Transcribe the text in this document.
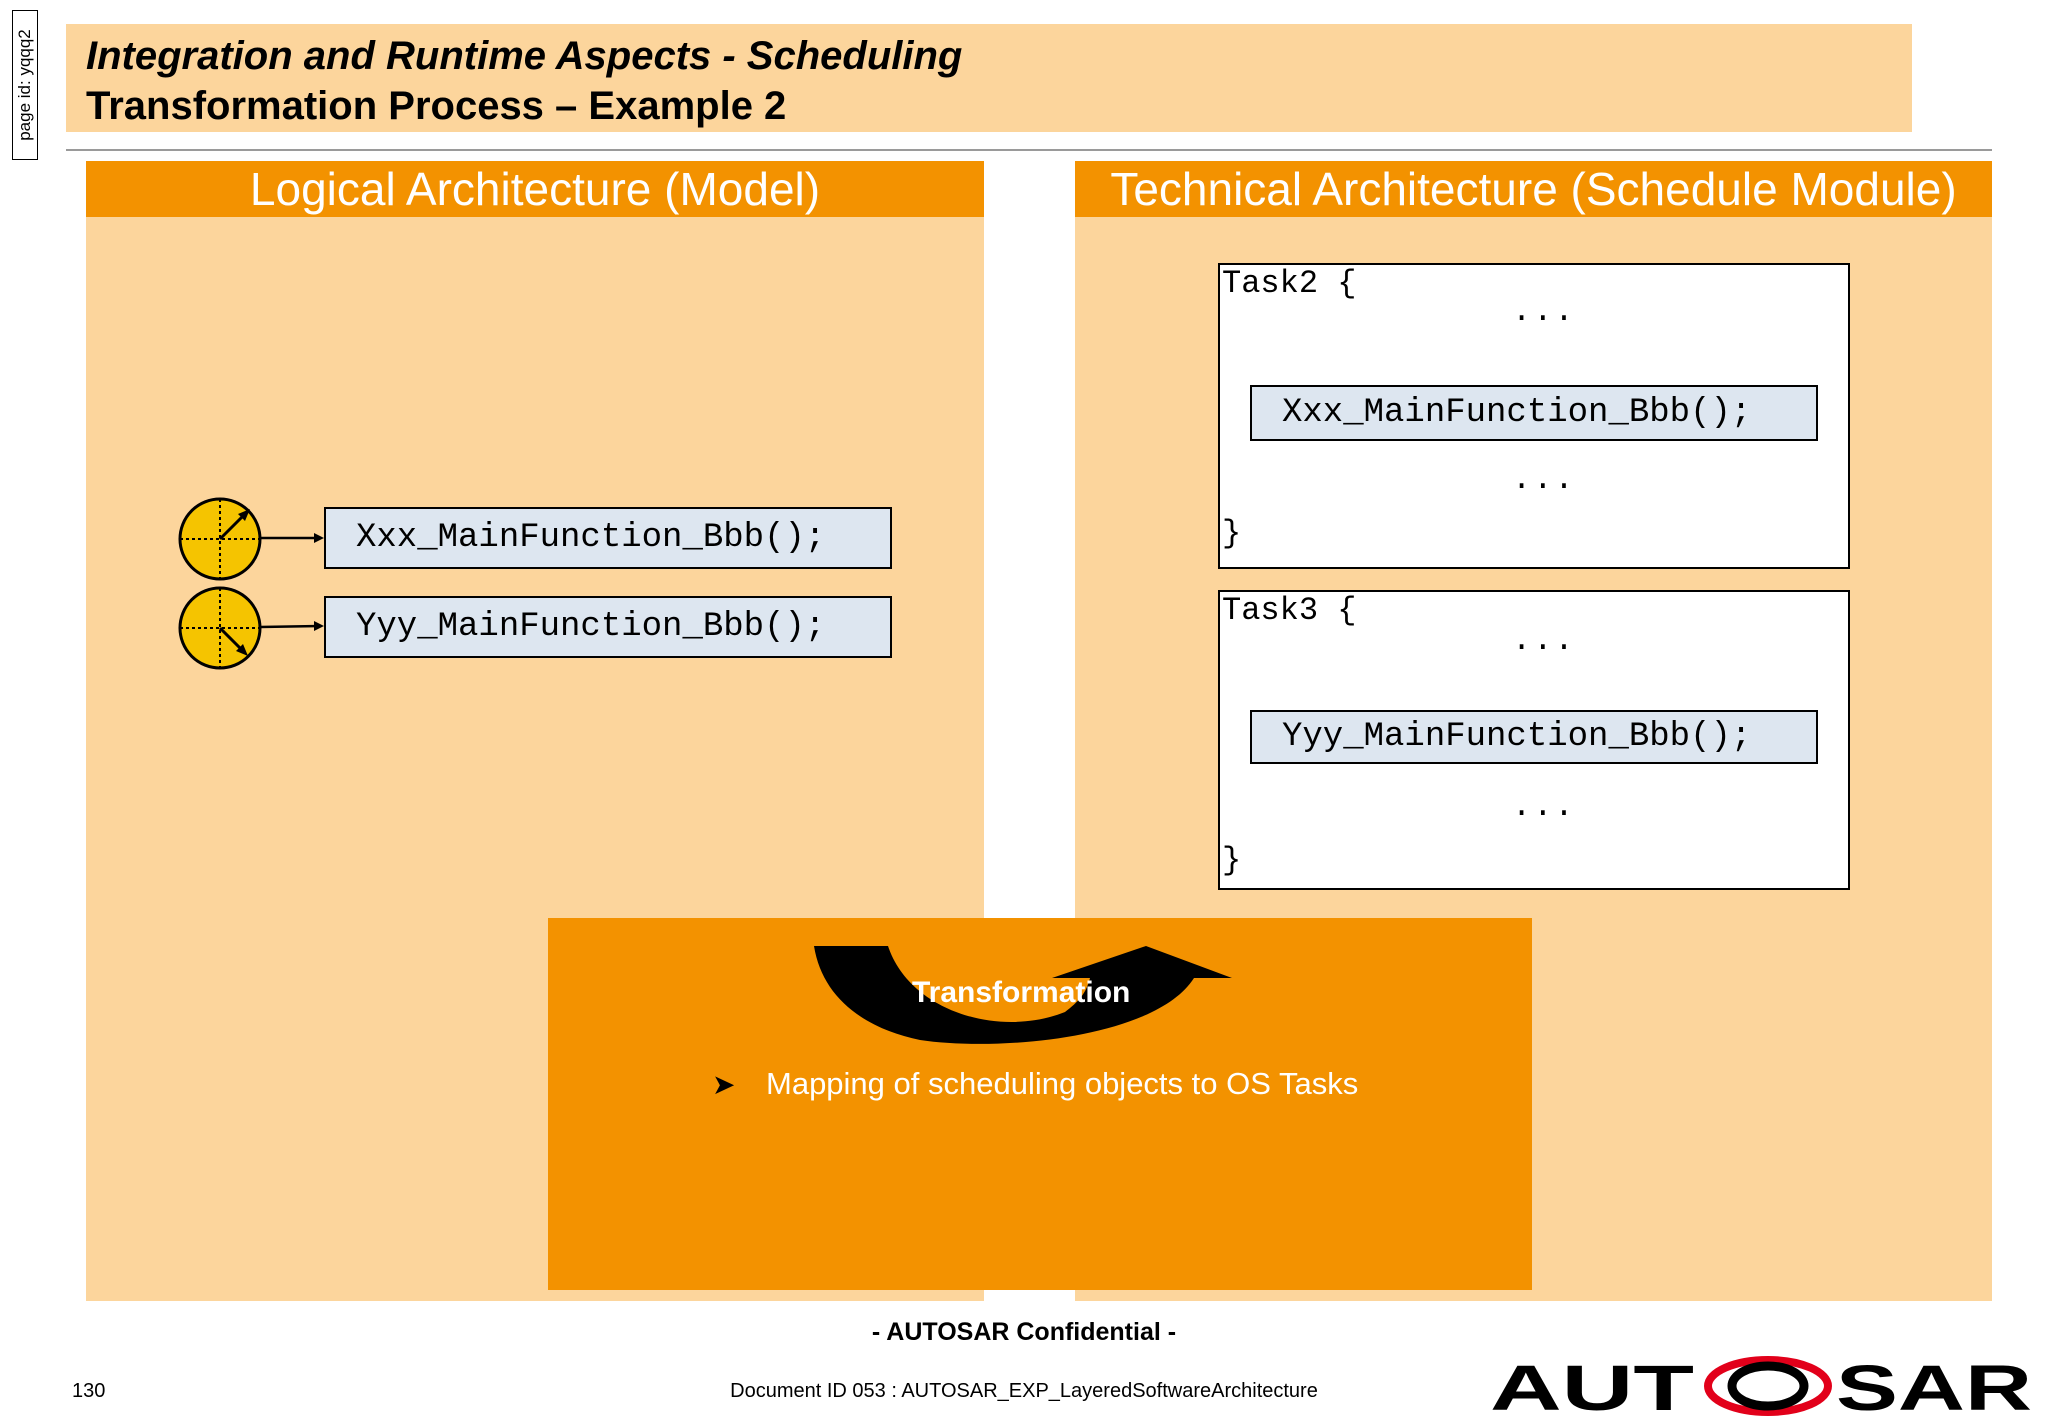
page id: yqqq2 Integration and Runtime Aspects - Scheduling
Transformation Process – Example 2
Logical Architecture (Model)
Xxx_MainFunction_Bbb();
Yyy_MainFunction_Bbb();
Technical Architecture (Schedule Module)
Task2 {
...
Xxx_MainFunction_Bbb();
...
}
Task3 {
...
Yyy_MainFunction_Bbb();
...
}
Transformation
➤ Mapping of scheduling objects to OS Tasks
- AUTOSAR Confidential -
130	Document ID 053 : AUTOSAR_EXP_LayeredSoftwareArchitecture	AUT SAR
